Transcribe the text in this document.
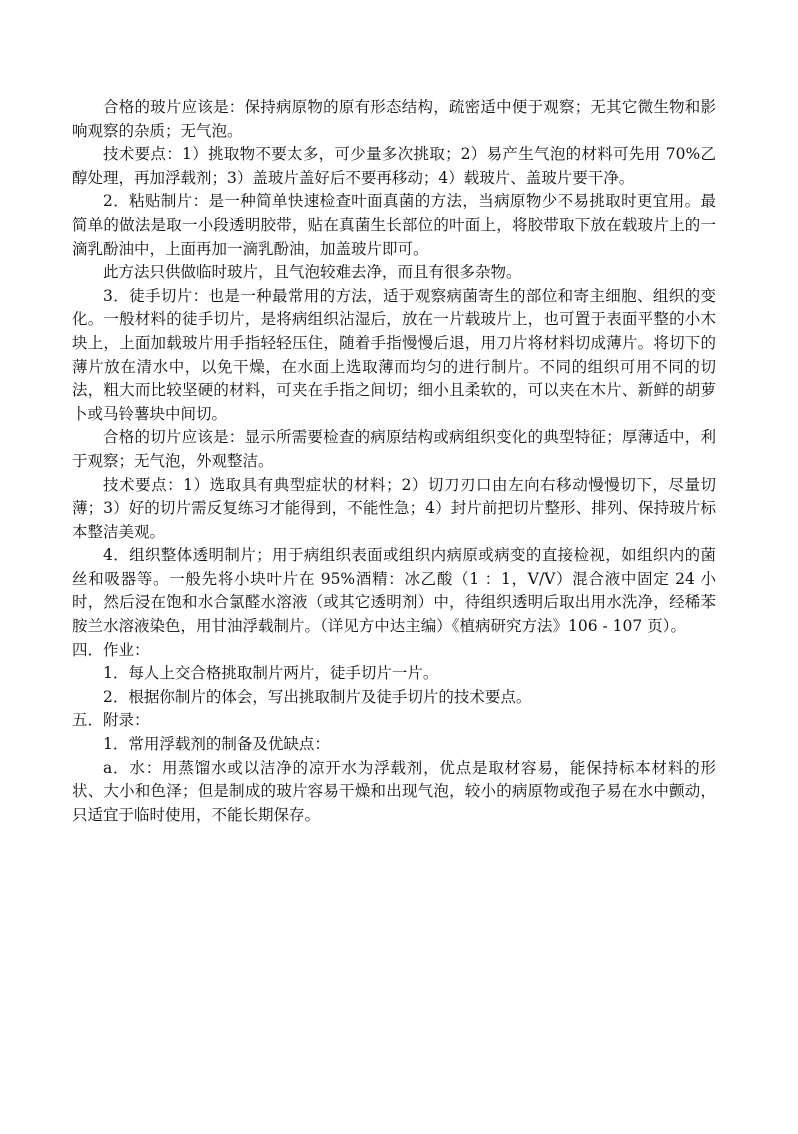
合格的玻片应该是：保持病原物的原有形态结构，疏密适中便于观察；无其它微生物和影响观察的杂质；无气泡。

技术要点：1）挑取物不要太多，可少量多次挑取；2）易产生气泡的材料可先用 70%乙醇处理，再加浮载剂；3）盖玻片盖好后不要再移动；4）载玻片、盖玻片要干净。

2．粘贴制片：是一种简单快速检查叶面真菌的方法，当病原物少不易挑取时更宜用。最简单的做法是取一小段透明胶带，贴在真菌生长部位的叶面上，将胶带取下放在载玻片上的一滴乳酚油中，上面再加一滴乳酚油，加盖玻片即可。

此方法只供做临时玻片，且气泡较难去净，而且有很多杂物。

3．徒手切片：也是一种最常用的方法，适于观察病菌寄生的部位和寄主细胞、组织的变化。一般材料的徒手切片，是将病组织沾湿后，放在一片载玻片上，也可置于表面平整的小木块上，上面加载玻片用手指轻轻压住，随着手指慢慢后退，用刀片将材料切成薄片。将切下的薄片放在清水中，以免干燥，在水面上选取薄而均匀的进行制片。不同的组织可用不同的切法，粗大而比较坚硬的材料，可夹在手指之间切；细小且柔软的，可以夹在木片、新鲜的胡萝卜或马铃薯块中间切。

合格的切片应该是：显示所需要检查的病原结构或病组织变化的典型特征；厚薄适中，利于观察；无气泡，外观整洁。

技术要点：1）选取具有典型症状的材料；2）切刀刃口由左向右移动慢慢切下，尽量切薄；3）好的切片需反复练习才能得到，不能性急；4）封片前把切片整形、排列、保持玻片标本整洁美观。

4．组织整体透明制片；用于病组织表面或组织内病原或病变的直接检视，如组织内的菌丝和吸器等。一般先将小块叶片在 95%酒精：冰乙酸（1 ：1，V/V）混合液中固定 24 小时，然后浸在饱和水合氯醛水溶液（或其它透明剂）中，待组织透明后取出用水洗净，经稀苯胺兰水溶液染色，用甘油浮载制片。（详见方中达主编）《植病研究方法》106 - 107 页）。

四．作业：

1．每人上交合格挑取制片两片，徒手切片一片。

2．根据你制片的体会，写出挑取制片及徒手切片的技术要点。

五．附录：

1．常用浮载剂的制备及优缺点：

a．水：用蒸馏水或以洁净的凉开水为浮载剂，优点是取材容易，能保持标本材料的形状、大小和色泽；但是制成的玻片容易干燥和出现气泡，较小的病原物或孢子易在水中颤动，只适宜于临时使用，不能长期保存。
